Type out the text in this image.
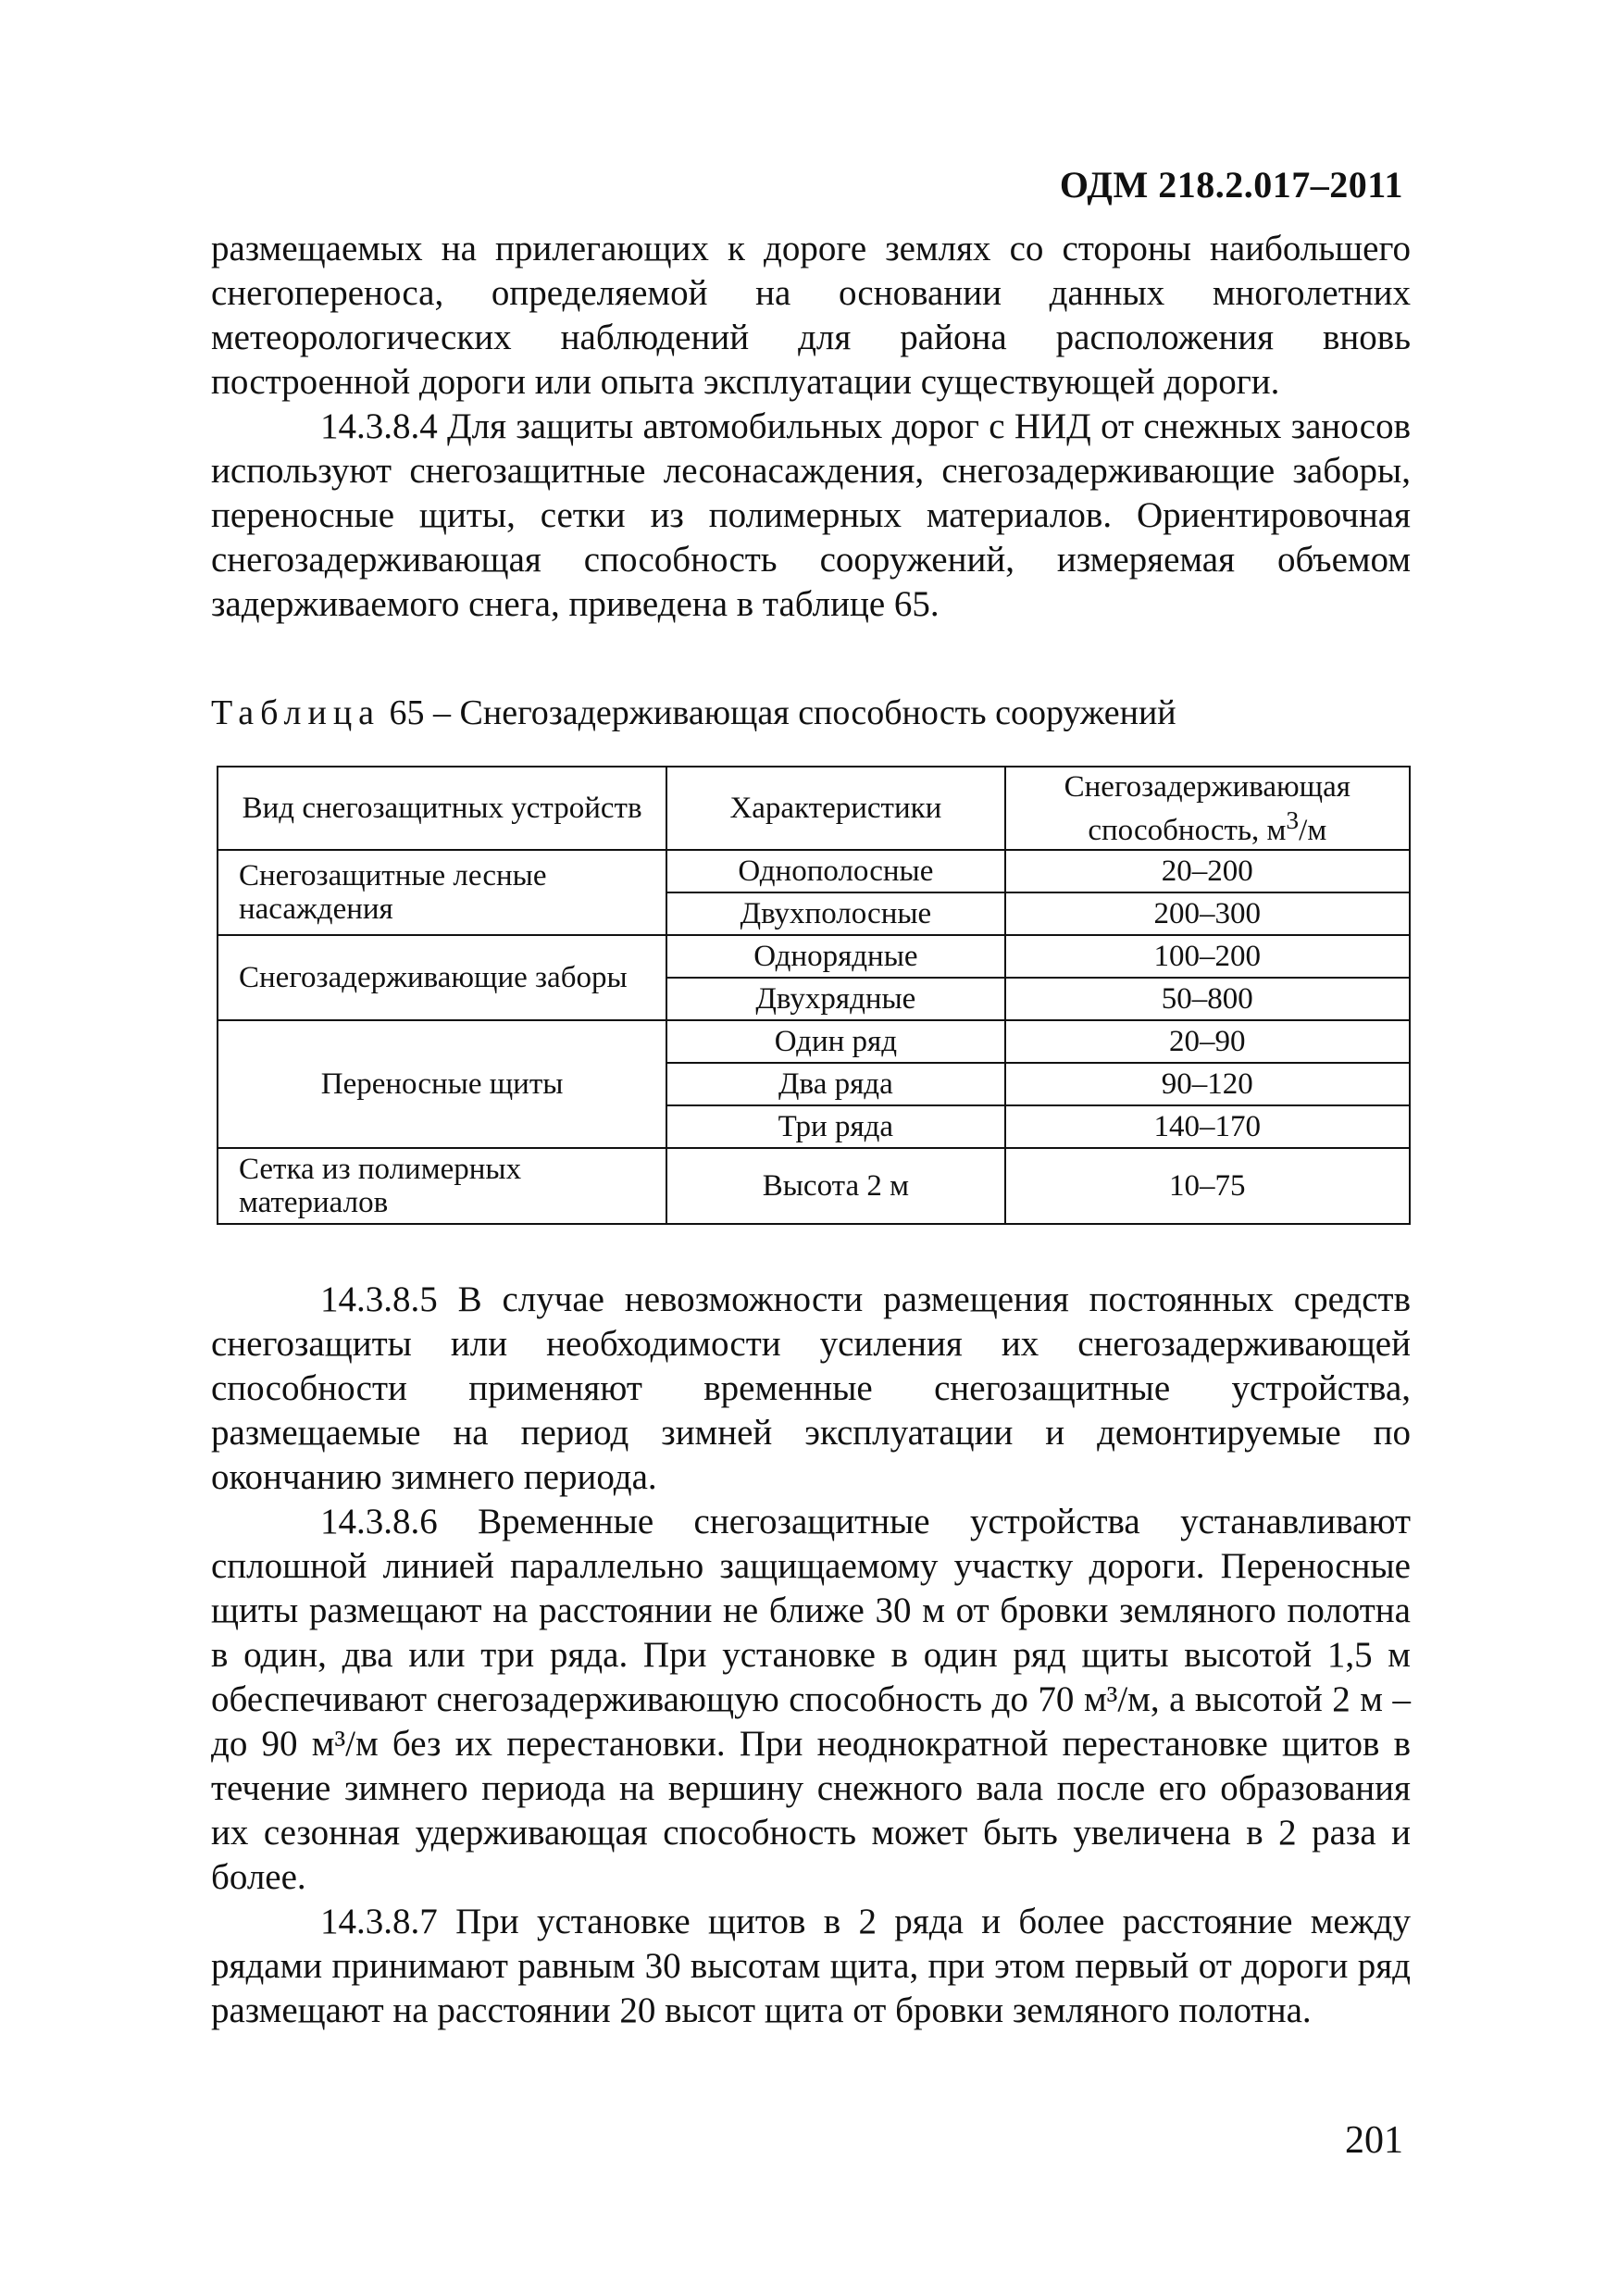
ОДМ 218.2.017–2011

размещаемых на прилегающих к дороге землях со стороны наибольшего снегопереноса, определяемой на основании данных многолетних метеорологических наблюдений для района расположения вновь построенной дороги или опыта эксплуатации существующей дороги.

14.3.8.4 Для защиты автомобильных дорог с НИД от снежных заносов используют снегозащитные лесонасаждения, снегозадерживающие заборы, переносные щиты, сетки из полимерных материалов. Ориентировочная снегозадерживающая способность сооружений, измеряемая объемом задерживаемого снега, приведена в таблице 65.

Таблица 65 – Снегозадерживающая способность сооружений
Вид снегозащитных устройств	Характеристики	Снегозадерживающая способность, $м^3/м$
Снегозащитные лесные насаждения	Однополосные	20–200
	Двухполосные	200–300
Снегозадерживающие заборы	Однорядные	100–200
	Двухрядные	50–800
Переносные щиты	Один ряд	20–90
	Два ряда	90–120
	Три ряда	140–170
Сетка из полимерных материалов	Высота 2 м	10–75

14.3.8.5 В случае невозможности размещения постоянных средств снегозащиты или необходимости усиления их снегозадерживающей способности применяют временные снегозащитные устройства, размещаемые на период зимней эксплуатации и демонтируемые по окончанию зимнего периода.

14.3.8.6 Временные снегозащитные устройства устанавливают сплошной линией параллельно защищаемому участку дороги. Переносные щиты размещают на расстоянии не ближе 30 м от бровки земляного полотна в один, два или три ряда. При установке в один ряд щиты высотой 1,5 м обеспечивают снегозадерживающую способность до 70 м³/м, а высотой 2 м – до 90 м³/м без их перестановки. При неоднократной перестановке щитов в течение зимнего периода на вершину снежного вала после его образования их сезонная удерживающая способность может быть увеличена в 2 раза и более.

14.3.8.7 При установке щитов в 2 ряда и более расстояние между рядами принимают равным 30 высотам щита, при этом первый от дороги ряд размещают на расстоянии 20 высот щита от бровки земляного полотна.

201
